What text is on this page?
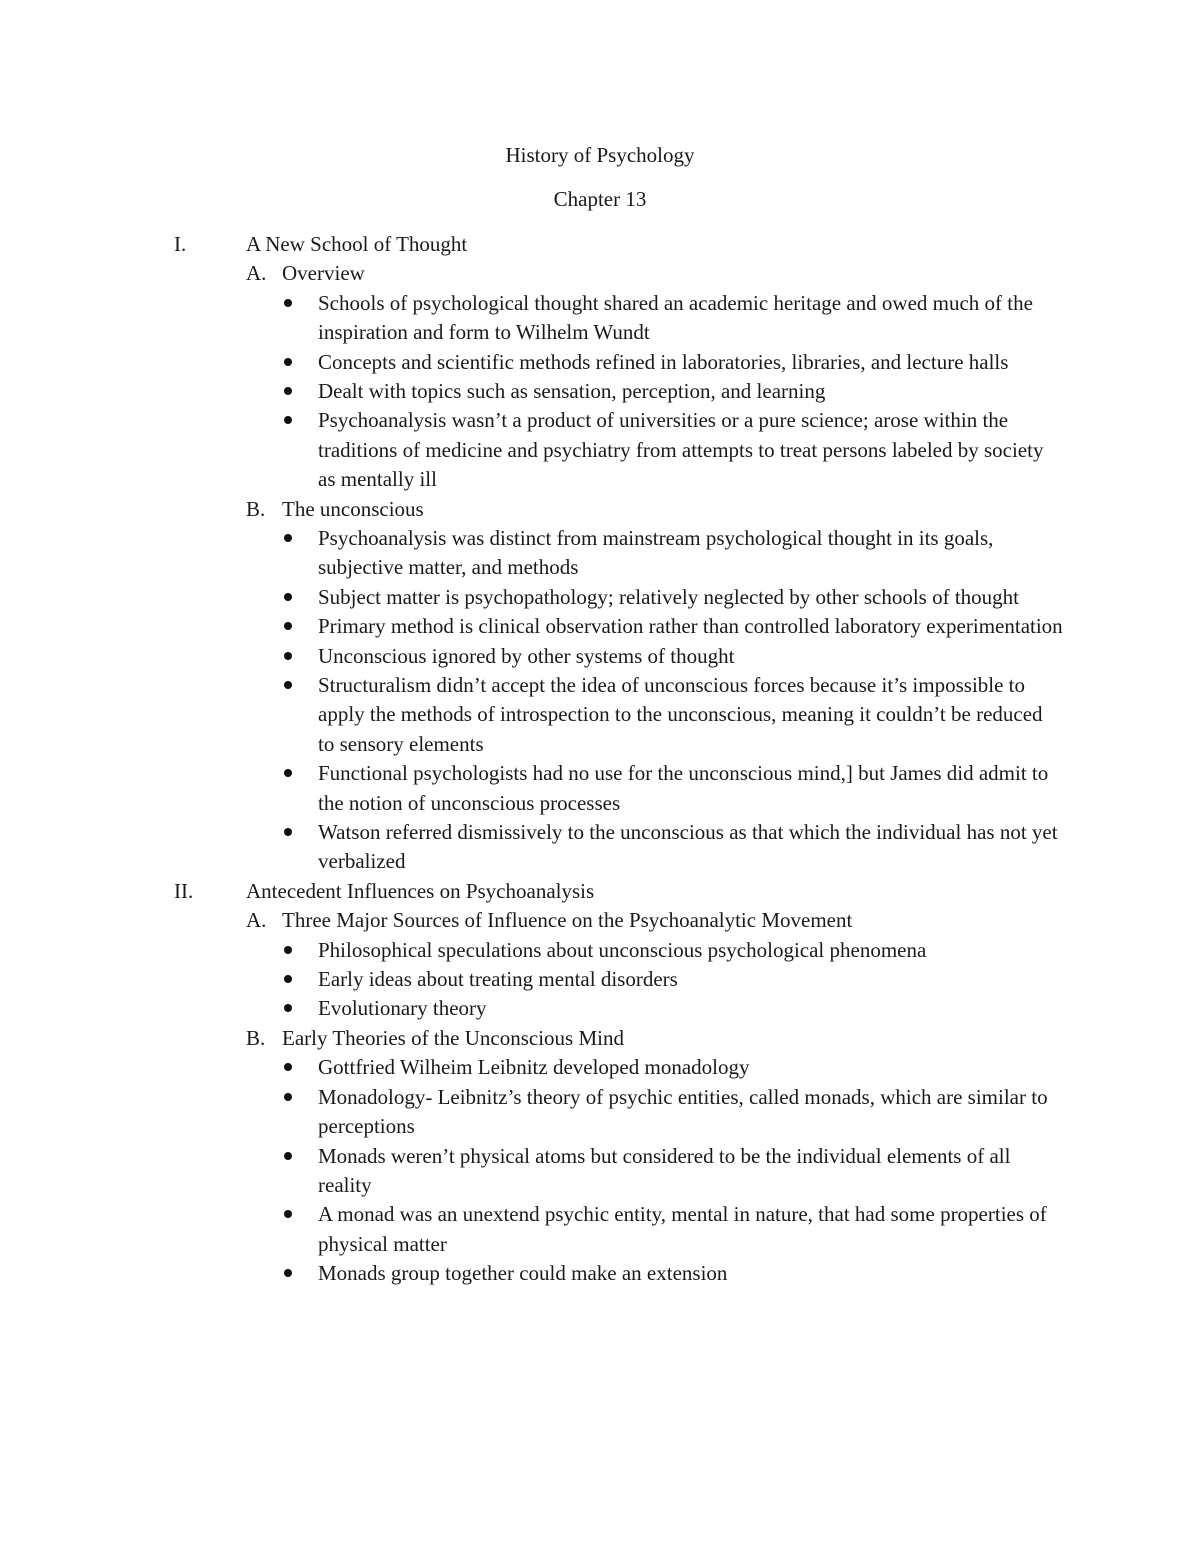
History of Psychology
Chapter 13
I.	A New School of Thought
A. Overview
Schools of psychological thought shared an academic heritage and owed much of the inspiration and form to Wilhelm Wundt
Concepts and scientific methods refined in laboratories, libraries, and lecture halls
Dealt with topics such as sensation, perception, and learning
Psychoanalysis wasn’t a product of universities or a pure science; arose within the traditions of medicine and psychiatry from attempts to treat persons labeled by society as mentally ill
B. The unconscious
Psychoanalysis was distinct from mainstream psychological thought in its goals, subjective matter, and methods
Subject matter is psychopathology; relatively neglected by other schools of thought
Primary method is clinical observation rather than controlled laboratory experimentation
Unconscious ignored by other systems of thought
Structuralism didn’t accept the idea of unconscious forces because it’s impossible to apply the methods of introspection to the unconscious, meaning it couldn’t be reduced to sensory elements
Functional psychologists had no use for the unconscious mind,] but James did admit to the notion of unconscious processes
Watson referred dismissively to the unconscious as that which the individual has not yet verbalized
II.	Antecedent Influences on Psychoanalysis
A. Three Major Sources of Influence on the Psychoanalytic Movement
Philosophical speculations about unconscious psychological phenomena
Early ideas about treating mental disorders
Evolutionary theory
B. Early Theories of the Unconscious Mind
Gottfried Wilheim Leibnitz developed monadology
Monadology- Leibnitz’s theory of psychic entities, called monads, which are similar to perceptions
Monads weren’t physical atoms but considered to be the individual elements of all reality
A monad was an unextend psychic entity, mental in nature, that had some properties of physical matter
Monads group together could make an extension
